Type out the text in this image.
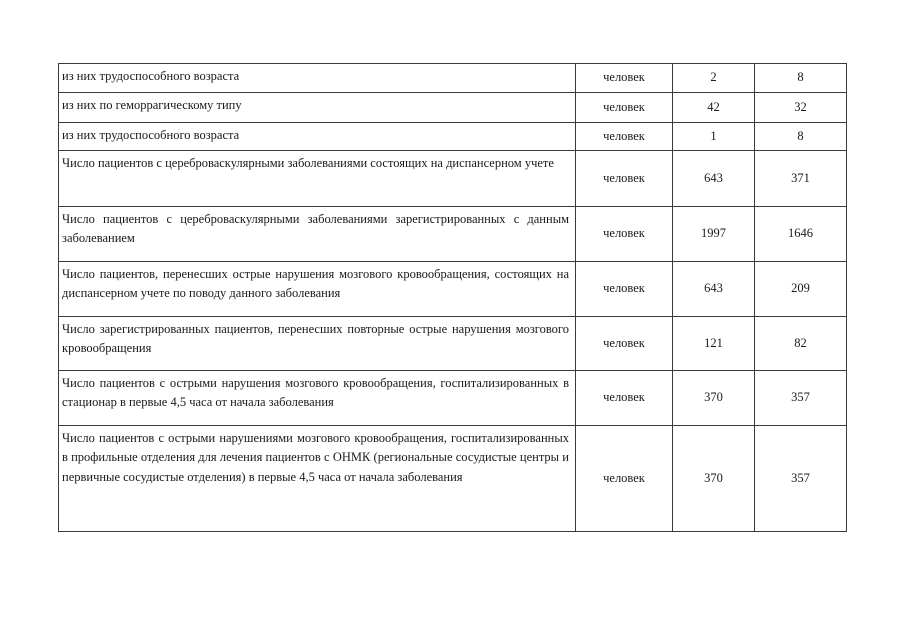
из них трудоспособного возраста	человек	2	8
из них по геморрагическому типу	человек	42	32
из них трудоспособного возраста	человек	1	8
Число пациентов с цереброваскулярными заболеваниями состоящих на диспансерном учете	человек	643	371
Число пациентов с цереброваскулярными заболеваниями зарегистрированных с данным заболеванием	человек	1997	1646
Число пациентов, перенесших острые нарушения мозгового кровообращения, состоящих на диспансерном учете по поводу данного заболевания	человек	643	209
Число зарегистрированных пациентов, перенесших повторные острые нарушения мозгового кровообращения	человек	121	82
Число пациентов с острыми нарушения мозгового кровообращения, госпитализированных в стационар в первые 4,5 часа от начала заболевания	человек	370	357
Число пациентов с острыми нарушениями мозгового кровообращения, госпитализированных в профильные отделения для лечения пациентов с ОНМК (региональные сосудистые центры и первичные сосудистые отделения) в первые 4,5 часа от начала заболевания	человек	370	357
